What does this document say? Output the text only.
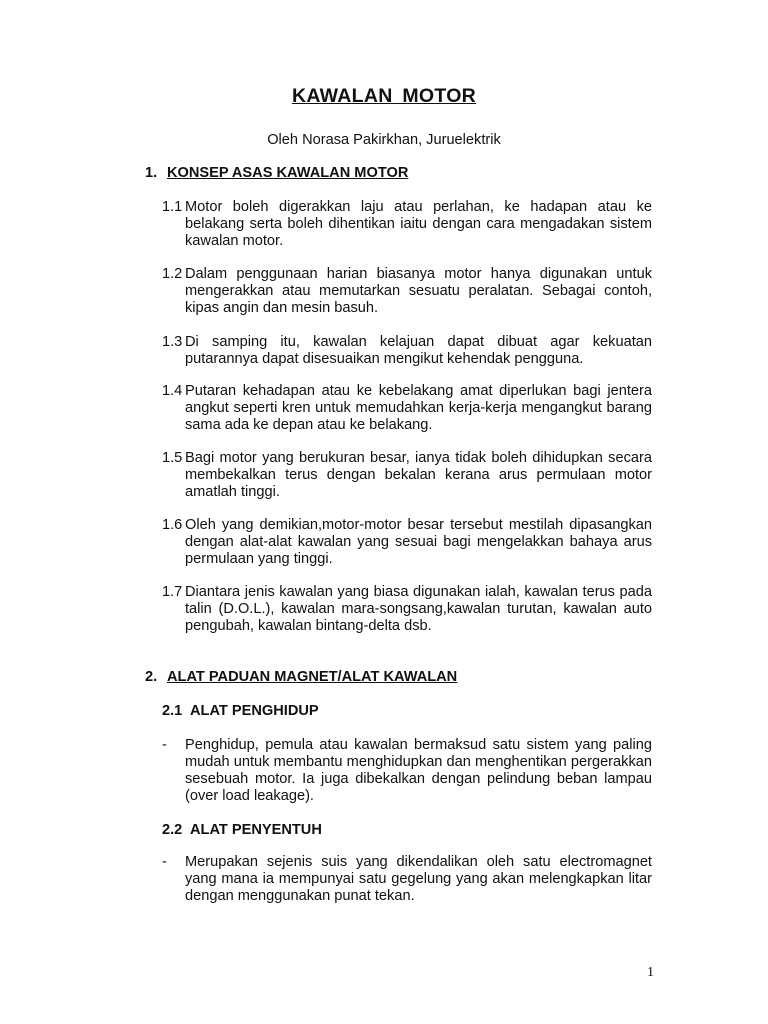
KAWALAN MOTOR
Oleh Norasa Pakirkhan, Juruelektrik
1. KONSEP ASAS KAWALAN MOTOR
1.1 Motor boleh digerakkan laju atau perlahan, ke hadapan atau ke belakang serta boleh dihentikan iaitu dengan cara mengadakan sistem kawalan motor.
1.2 Dalam penggunaan harian biasanya motor hanya digunakan untuk mengerakkan atau memutarkan sesuatu peralatan. Sebagai contoh, kipas angin dan mesin basuh.
1.3 Di samping itu, kawalan kelajuan dapat dibuat agar kekuatan putarannya dapat disesuaikan mengikut kehendak pengguna.
1.4 Putaran kehadapan atau ke kebelakang amat diperlukan bagi jentera angkut seperti kren untuk memudahkan kerja-kerja mengangkut barang sama ada ke depan atau ke belakang.
1.5 Bagi motor yang berukuran besar, ianya tidak boleh dihidupkan secara membekalkan terus dengan bekalan kerana arus permulaan motor amatlah tinggi.
1.6 Oleh yang demikian,motor-motor besar tersebut mestilah dipasangkan dengan alat-alat kawalan yang sesuai bagi mengelakkan bahaya arus permulaan yang tinggi.
1.7 Diantara jenis kawalan yang biasa digunakan ialah, kawalan terus pada talin (D.O.L.), kawalan mara-songsang,kawalan turutan, kawalan auto pengubah, kawalan bintang-delta dsb.
2. ALAT PADUAN MAGNET/ALAT KAWALAN
2.1 ALAT PENGHIDUP
- Penghidup, pemula atau kawalan bermaksud satu sistem yang paling mudah untuk membantu menghidupkan dan menghentikan pergerakkan sesebuah motor. Ia juga dibekalkan dengan pelindung beban lampau (over load leakage).
2.2 ALAT PENYENTUH
- Merupakan sejenis suis yang dikendalikan oleh satu electromagnet yang mana ia mempunyai satu gegelung yang akan melengkapkan litar dengan menggunakan punat tekan.
1
